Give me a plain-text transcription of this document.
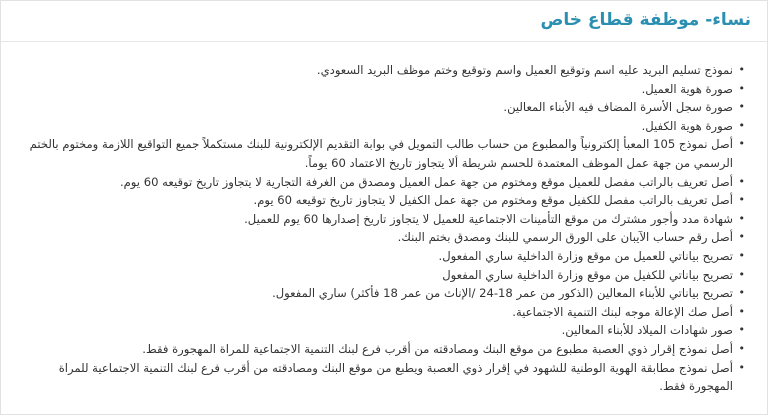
نساء- موظفة قطاع خاص
•
نموذج تسليم البريد عليه اسم وتوقيع العميل واسم وتوقيع وختم موظف البريد السعودي.
•
صورة هوية العميل.
•
صورة سجل الأسرة المضاف فيه الأبناء المعالين.
•
صورة هوية الكفيل.
•
أصل نموذج 105 المعبأ إلكترونياً والمطبوع من حساب طالب التمويل في بوابة التقديم الإلكترونية للبنك مستكملاً جميع التواقيع اللازمة ومختوم بالختم الرسمي من جهة عمل الموظف المعتمدة للحسم شريطة ألا يتجاوز تاريخ الاعتماد 60 يوماً.
•
أصل تعريف بالراتب مفصل للعميل موقع ومختوم من جهة عمل العميل ومصدق من الغرفة التجارية لا يتجاوز تاريخ توقيعه 60 يوم.
•
أصل تعريف بالراتب مفصل للكفيل موقع ومختوم من جهة عمل الكفيل لا يتجاوز تاريخ توقيعه 60 يوم.
•
شهادة مدد وأجور مشترك من موقع التأمينات الاجتماعية للعميل لا يتجاوز تاريخ إصدارها 60 يوم للعميل.
•
أصل رقم حساب الآيبان على الورق الرسمي للبنك ومصدق بختم البنك.
•
تصريح بياناتي للعميل من موقع وزارة الداخلية ساري المفعول.
•
تصريح بياناتي للكفيل من موقع وزارة الداخلية ساري المفعول
•
تصريح بياناتي للأبناء المعالين (الذكور من عمر 18-24 /الإناث من عمر 18 فأكثر) ساري المفعول.
•
أصل صك الإعالة موجه لبنك التنمية الاجتماعية.
•
صور شهادات الميلاد للأبناء المعالين.
•
أصل نموذج إقرار ذوي العصبة مطبوع من موقع البنك ومصادقته من أقرب فرع لبنك التنمية الاجتماعية للمراة المهجورة فقط.
•
أصل نموذج مطابقة الهوية الوطنية للشهود في إقرار ذوي العصبة ويطبع من موقع البنك ومصادقته من أقرب فرع لبنك التنمية الاجتماعية للمراة المهجورة فقط.
